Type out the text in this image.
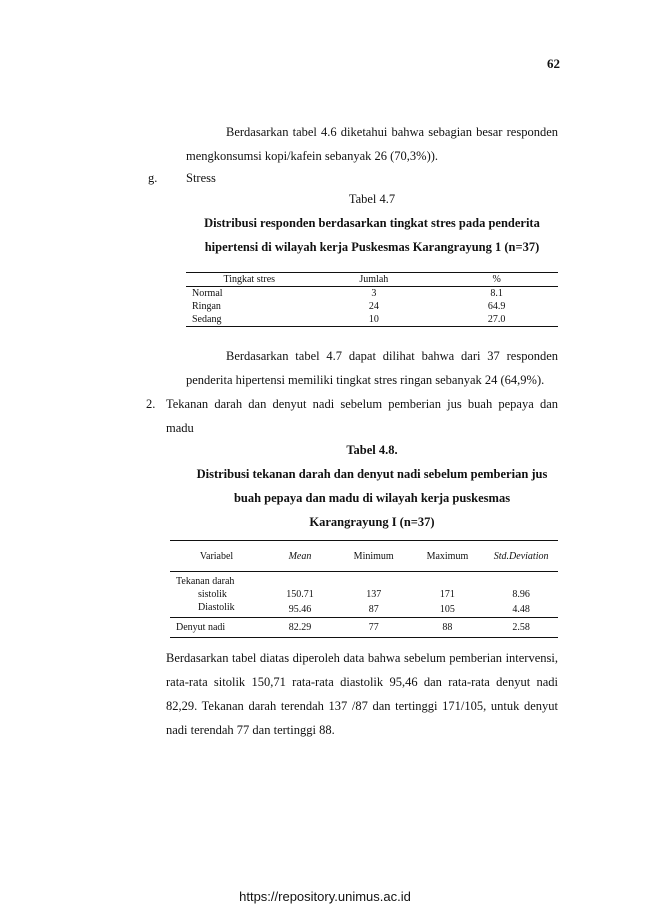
62

Berdasarkan tabel 4.6 diketahui bahwa sebagian besar responden mengkonsumsi kopi/kafein sebanyak 26 (70,3%)).

g.	Stress
Tabel 4.7
Distribusi responden berdasarkan tingkat stres pada penderita
hipertensi di wilayah kerja Puskesmas Karangrayung 1 (n=37)
Tingkat stres	Jumlah	%
Normal	3	8.1
Ringan	24	64.9
Sedang	10	27.0

Berdasarkan tabel 4.7 dapat dilihat bahwa dari 37 responden penderita hipertensi memiliki tingkat stres ringan sebanyak 24 (64,9%).

2. Tekanan darah dan denyut nadi sebelum pemberian jus buah pepaya dan madu

Tabel 4.8.
Distribusi tekanan darah dan denyut nadi sebelum pemberian jus
buah pepaya dan madu di wilayah kerja puskesmas
Karangrayung I (n=37)
Variabel	Mean	Minimum	Maximum	Std.Deviation
Tekanan darah				
sistolik	150.71	137	171	8.96
Diastolik	95.46	87	105	4.48
Denyut nadi	82.29	77	88	2.58

Berdasarkan tabel diatas diperoleh data bahwa sebelum pemberian intervensi, rata-rata sitolik 150,71 rata-rata diastolik 95,46 dan rata-rata denyut nadi 82,29. Tekanan darah terendah 137 /87 dan tertinggi 171/105, untuk denyut nadi terendah 77 dan tertinggi 88.

https://repository.unimus.ac.id
